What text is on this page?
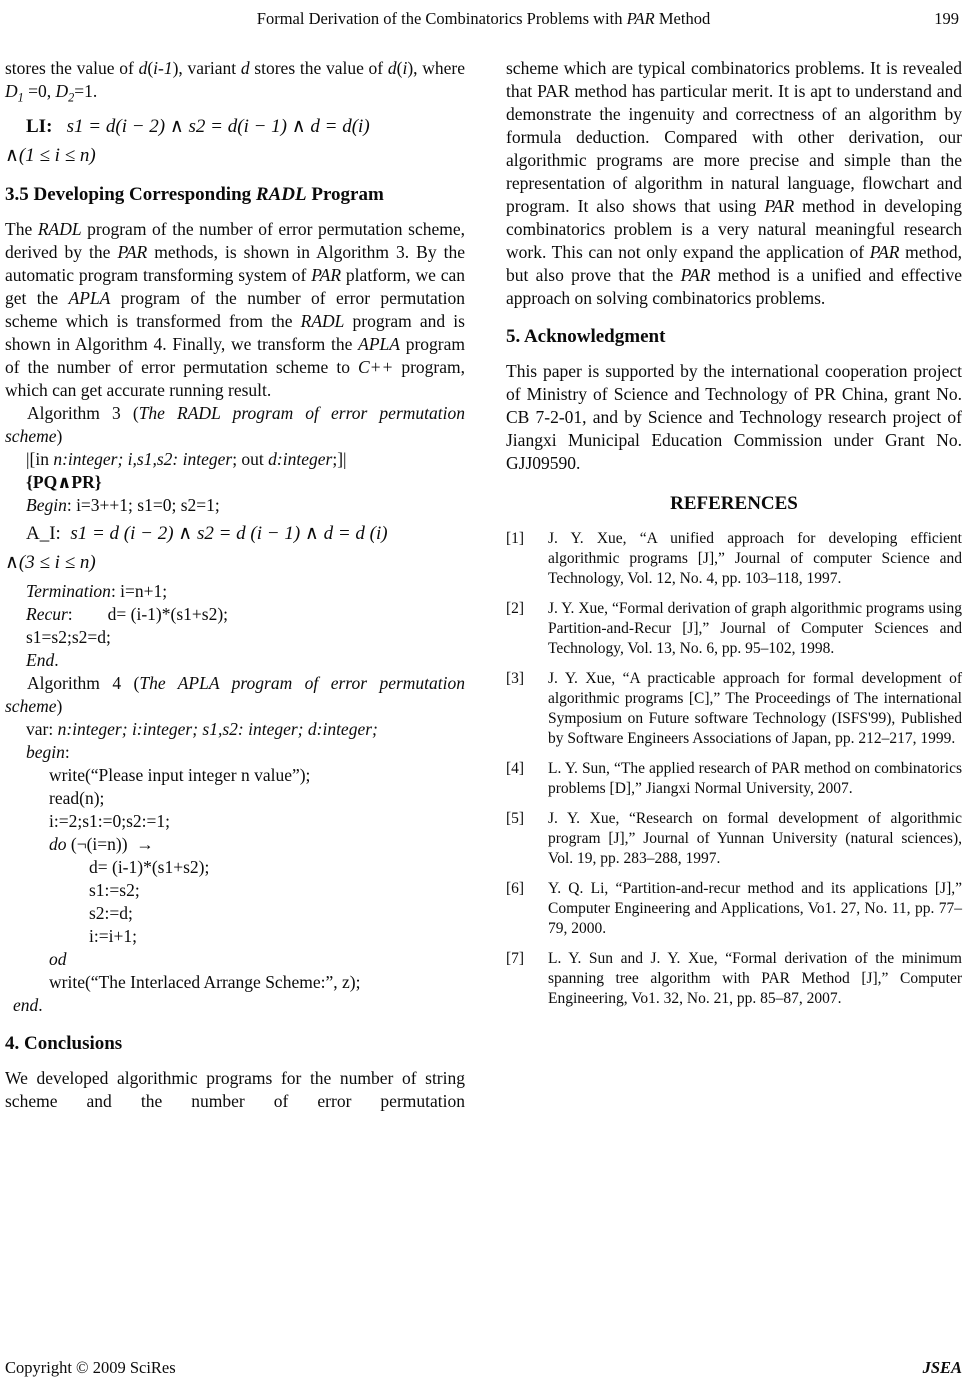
Formal Derivation of the Combinatorics Problems with PAR Method	199
stores the value of d(i-1), variant d stores the value of d(i), where $D_1 =0$, $D_2=1$.
LI: s1 = d(i − 2) ∧ s2 = d(i − 1) ∧ d = d(i)
∧(1 ≤ i ≤ n)
3.5 Developing Corresponding RADL Program
The RADL program of the number of error permutation scheme, derived by the PAR methods, is shown in Algorithm 3. By the automatic program transforming system of PAR platform, we can get the APLA program of the number of error permutation scheme which is transformed from the RADL program and is shown in Algorithm 4. Finally, we transform the APLA program of the number of error permutation scheme to C++ program, which can get accurate running result.
Algorithm 3 (The RADL program of error permutation scheme)
|[in n:integer; i,s1,s2: integer; out d:integer;]|
{PQ∧PR}
Begin: i=3++1; s1=0; s2=1;
A_I:  s1 = d (i − 2) ∧ s2 = d (i − 1) ∧ d = d (i)
∧(3 ≤ i ≤ n)
Termination: i=n+1;
Recur: d= (i-1)*(s1+s2);
s1=s2;s2=d;
End.
Algorithm 4 (The APLA program of error permutation scheme)
var: n:integer; i:integer; s1,s2: integer; d:integer;
begin:
write(“Please input integer n value”);
read(n);
i:=2;s1:=0;s2:=1;
do (¬(i=n))  →
d= (i-1)*(s1+s2);
s1:=s2;
s2:=d;
i:=i+1;
od
write(“The Interlaced Arrange Scheme:”, z);
end.
4. Conclusions
We developed algorithmic programs for the number of string scheme and the number of error permutation
scheme which are typical combinatorics problems. It is revealed that PAR method has particular merit. It is apt to understand and demonstrate the ingenuity and correctness of an algorithm by formula deduction. Compared with other derivation, our algorithmic programs are more precise and simple than the representation of algorithm in natural language, flowchart and program. It also shows that using PAR method in developing combinatorics problem is a very natural meaningful research work. This can not only expand the application of PAR method, but also prove that the PAR method is a unified and effective approach on solving combinatorics problems.
5. Acknowledgment
This paper is supported by the international cooperation project of Ministry of Science and Technology of PR China, grant No. CB 7-2-01, and by Science and Technology research project of Jiangxi Municipal Education Commission under Grant No. GJJ09590.
REFERENCES
[1] J. Y. Xue, “A unified approach for developing efficient algorithmic programs [J],” Journal of computer Science and Technology, Vol. 12, No. 4, pp. 103–118, 1997.
[2] J. Y. Xue, “Formal derivation of graph algorithmic programs using Partition-and-Recur [J],” Journal of Computer Sciences and Technology, Vol. 13, No. 6, pp. 95–102, 1998.
[3] J. Y. Xue, “A practicable approach for formal development of algorithmic programs [C],” The Proceedings of The international Symposium on Future software Technology (ISFS'99), Published by Software Engineers Associations of Japan, pp. 212–217, 1999.
[4] L. Y. Sun, “The applied research of PAR method on combinatorics problems [D],” Jiangxi Normal University, 2007.
[5] J. Y. Xue, “Research on formal development of algorithmic program [J],” Journal of Yunnan University (natural sciences), Vol. 19, pp. 283–288, 1997.
[6] Y. Q. Li, “Partition-and-recur method and its applications [J],” Computer Engineering and Applications, Vo1. 27, No. 11, pp. 77–79, 2000.
[7] L. Y. Sun and J. Y. Xue, “Formal derivation of the minimum spanning tree algorithm with PAR Method [J],” Computer Engineering, Vo1. 32, No. 21, pp. 85–87, 2007.
Copyright © 2009 SciRes	JSEA
